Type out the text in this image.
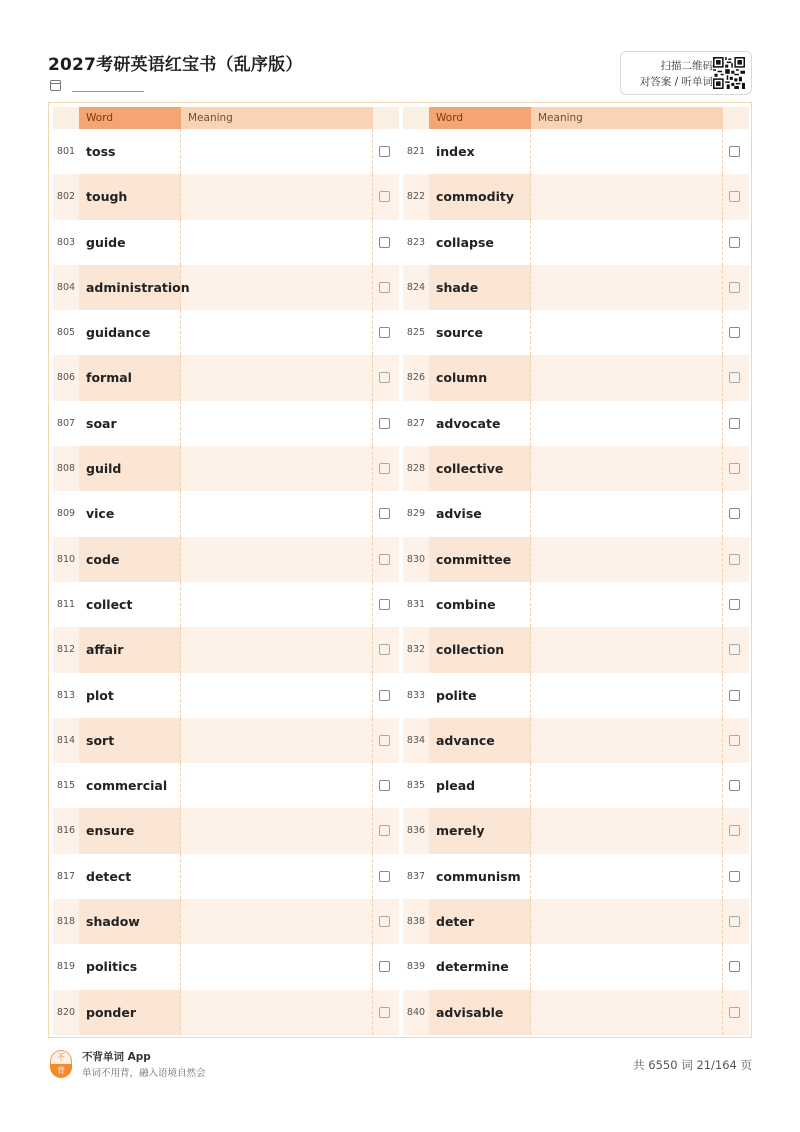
2027考研英语红宝书（乱序版）	扫描二维码
对答案 / 听单词
Word	Meaning
801 toss
802 tough
803 guide
804 administration
805 guidance
806 formal
807 soar
808 guild
809 vice
810 code
811 collect
812 affair
813 plot
814 sort
815 commercial
816 ensure
817 detect
818 shadow
819 politics
820 ponder
Word	Meaning
821 index
822 commodity
823 collapse
824 shade
825 source
826 column
827 advocate
828 collective
829 advise
830 committee
831 combine
832 collection
833 polite
834 advance
835 plead
836 merely
837 communism
838 deter
839 determine
840 advisable
不
背
不背单词 App
单词不用背，融入语境自然会
共 6550 词 21/164 页
